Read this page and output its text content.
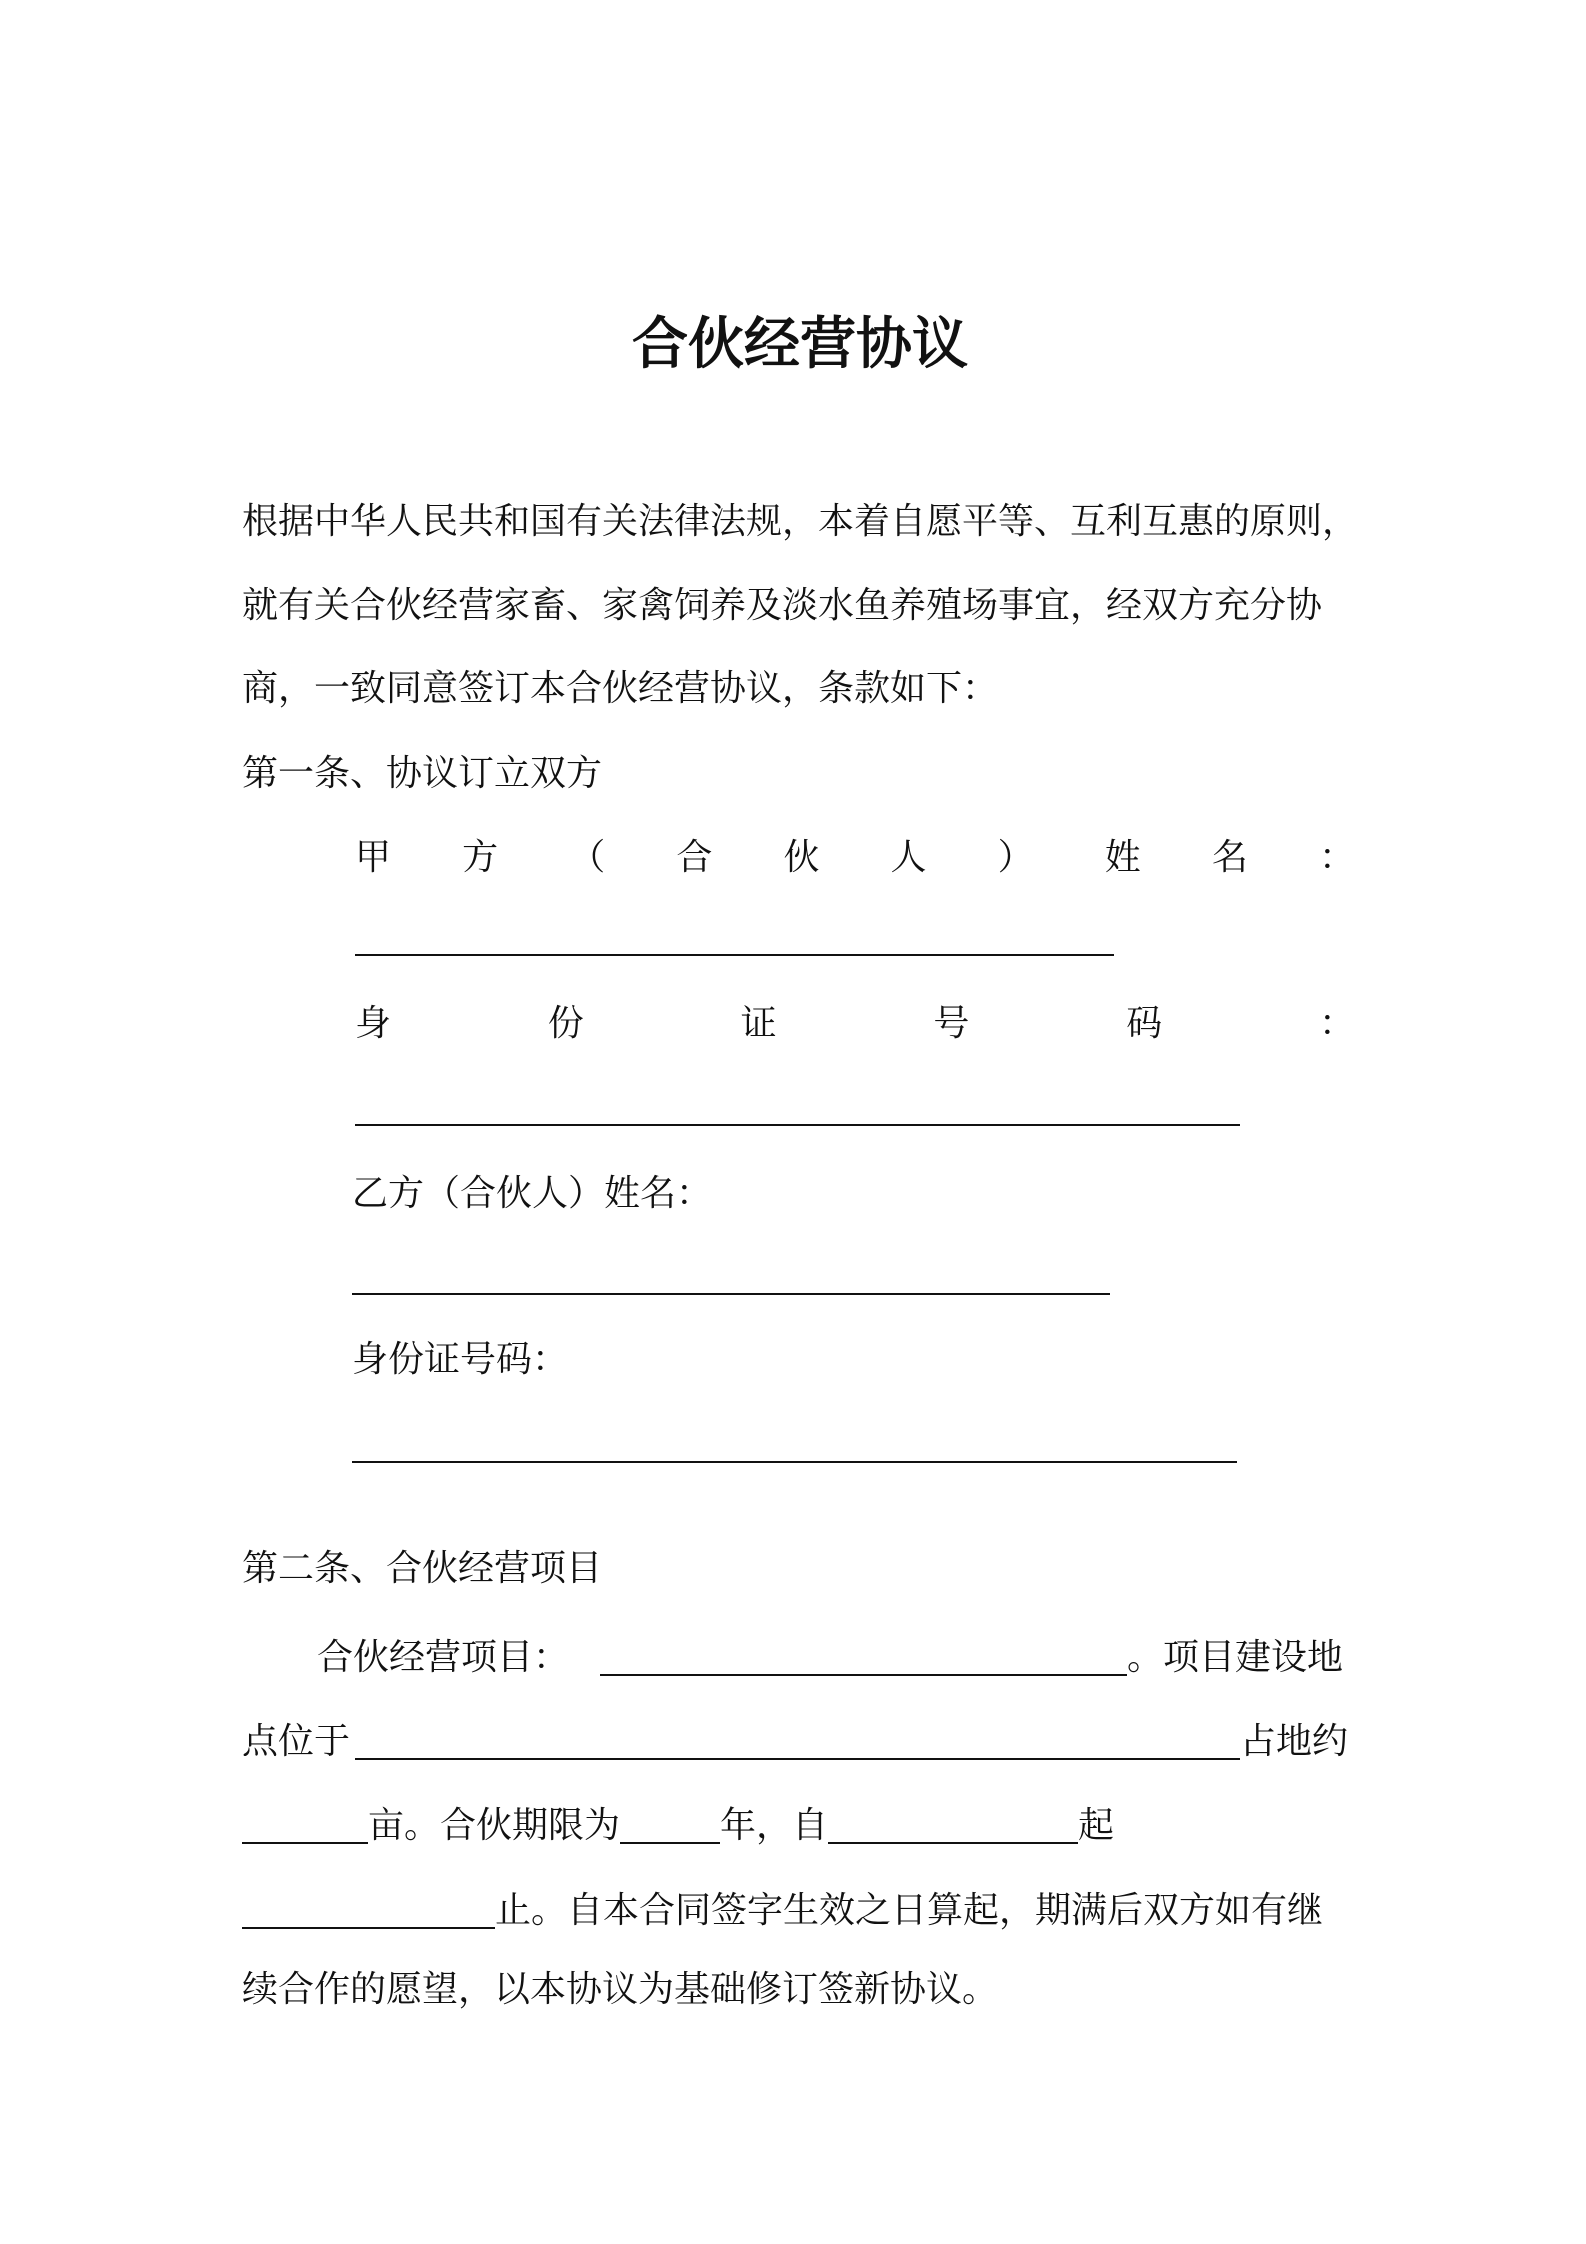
合伙经营协议
根据中华人民共和国有关法律法规，本着自愿平等、互利互惠的原则，
就有关合伙经营家畜、家禽饲养及淡水鱼养殖场事宜，经双方充分协
商，一致同意签订本合伙经营协议，条款如下：
第一条、协议订立双方
甲 方 （ 合 伙 人 ） 姓 名 ：
身	份	证	号	码	：
乙方（合伙人）姓名：
身份证号码：
第二条、合伙经营项目
合伙经营项目：	。项目建设地
点位于	占地约
亩。合伙期限为	年，自	起
止。自本合同签字生效之日算起，期满后双方如有继
续合作的愿望，以本协议为基础修订签新协议。
